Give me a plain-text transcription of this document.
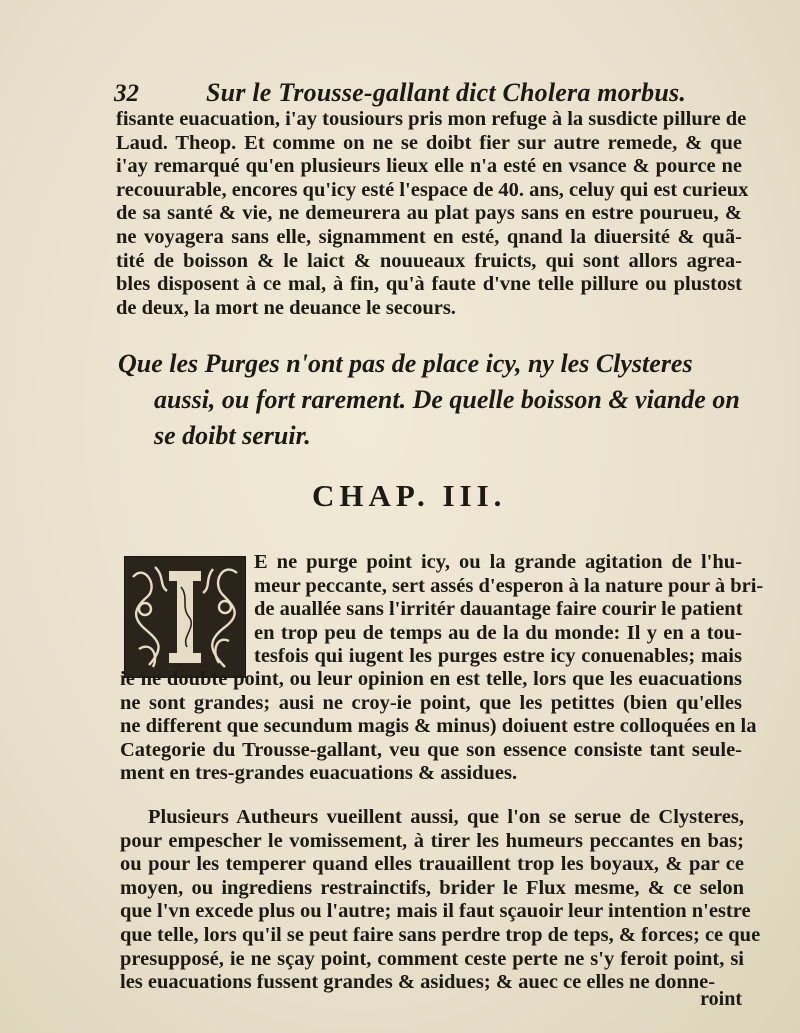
32	Sur le Trousse-gallant dict Cholera morbus.
fisante euacuation, i'ay tousiours pris mon refuge à la susdicte pillure de
Laud. Theop. Et comme on ne se doibt fier sur autre remede, & que
i'ay remarqué qu'en plusieurs lieux elle n'a esté en vsance & pource ne
recouurable, encores qu'icy esté l'espace de 40. ans, celuy qui est curieux
de sa santé & vie, ne demeurera au plat pays sans en estre pourueu, &
ne voyagera sans elle, signamment en esté, qnand la diuersité & quã-
tité de boisson & le laict & nouueaux fruicts, qui sont allors agrea-
bles disposent à ce mal, à fin, qu'à faute d'vne telle pillure ou plustost
de deux, la mort ne deuance le secours.
Que les Purges n'ont pas de place icy, ny les Clysteres
aussi, ou fort rarement. De quelle boisson & viande on
se doibt seruir.
CHAP. III.
E ne purge point icy, ou la grande agitation de l'hu-
meur peccante, sert assés d'esperon à la nature pour à bri-
de auallée sans l'irritér dauantage faire courir le patient
en trop peu de temps au de la du monde: Il y en a tou-
tesfois qui iugent les purges estre icy conuenables; mais
ie ne doubte point, ou leur opinion en est telle, lors que les euacuations
ne sont grandes; ausi ne croy-ie point, que les petittes (bien qu'elles
ne different que secundum magis & minus) doiuent estre colloquées en la
Categorie du Trousse-gallant, veu que son essence consiste tant seule-
ment en tres-grandes euacuations & assidues.
Plusieurs Autheurs vueillent aussi, que l'on se serue de Clysteres,
pour empescher le vomissement, à tirer les humeurs peccantes en bas;
ou pour les temperer quand elles trauaillent trop les boyaux, & par ce
moyen, ou ingrediens restrainctifs, brider le Flux mesme, & ce selon
que l'vn excede plus ou l'autre; mais il faut sçauoir leur intention n'estre
que telle, lors qu'il se peut faire sans perdre trop de teps, & forces; ce que
presupposé, ie ne sçay point, comment ceste perte ne s'y feroit point, si
les euacuations fussent grandes & asidues; & auec ce elles ne donne-
roint
